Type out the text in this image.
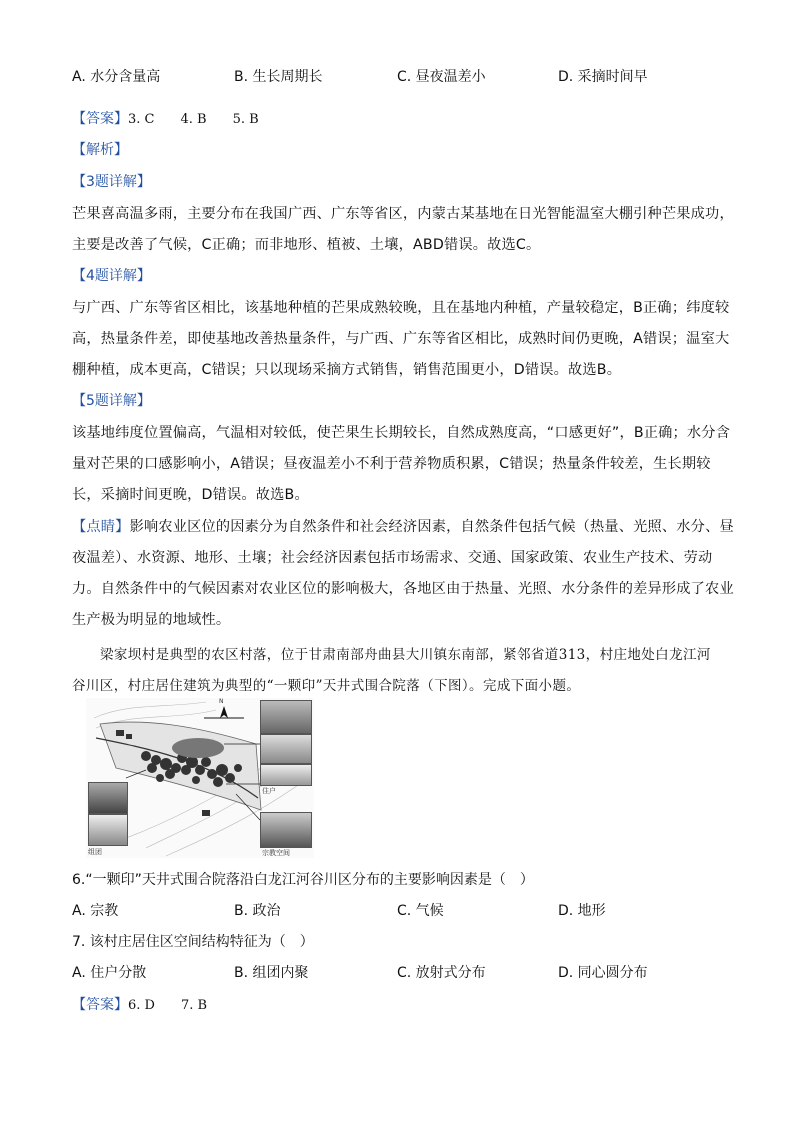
A. 水分含量高	B. 生长周期长	C. 昼夜温差小	D. 采摘时间早
【答案】3. C　　4. B　　5. B
【解析】
【3题详解】
芒果喜高温多雨，主要分布在我国广西、广东等省区，内蒙古某基地在日光智能温室大棚引种芒果成功，
主要是改善了气候，C正确；而非地形、植被、土壤，ABD错误。故选C。
【4题详解】
与广西、广东等省区相比，该基地种植的芒果成熟较晚，且在基地内种植，产量较稳定，B正确；纬度较
高，热量条件差，即使基地改善热量条件，与广西、广东等省区相比，成熟时间仍更晚，A错误；温室大
棚种植，成本更高，C错误；只以现场采摘方式销售，销售范围更小，D错误。故选B。
【5题详解】
该基地纬度位置偏高，气温相对较低，使芒果生长期较长，自然成熟度高，“口感更好”，B正确；水分含
量对芒果的口感影响小，A错误；昼夜温差小不利于营养物质积累，C错误；热量条件较差，生长期较
长，采摘时间更晚，D错误。故选B。
【点睛】影响农业区位的因素分为自然条件和社会经济因素，自然条件包括气候（热量、光照、水分、昼
夜温差）、水资源、地形、土壤；社会经济因素包括市场需求、交通、国家政策、农业生产技术、劳动
力。自然条件中的气候因素对农业区位的影响极大，各地区由于热量、光照、水分条件的差异形成了农业
生产极为明显的地域性。
梁家坝村是典型的农区村落，位于甘肃南部舟曲县大川镇东南部，紧邻省道313，村庄地处白龙江河
谷川区，村庄居住建筑为典型的“一颗印”天井式围合院落（下图）。完成下面小题。
住户
组团	宗教空间
N
6.“一颗印”天井式围合院落沿白龙江河谷川区分布的主要影响因素是（　）
A. 宗教	B. 政治	C. 气候	D. 地形
7. 该村庄居住区空间结构特征为（　）
A. 住户分散	B. 组团内聚	C. 放射式分布	D. 同心圆分布
【答案】6. D　　7. B
